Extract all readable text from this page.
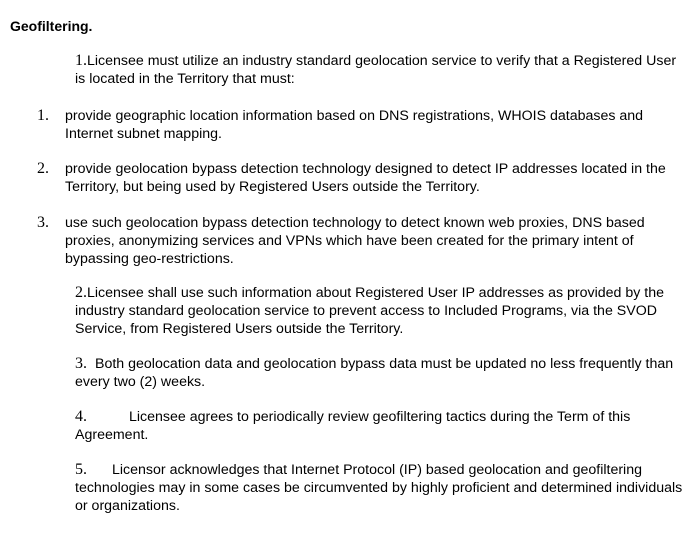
Geofiltering.
1.Licensee must utilize an industry standard geolocation service to verify that a Registered User is located in the Territory that must:
1. provide geographic location information based on DNS registrations, WHOIS databases and Internet subnet mapping.
2. provide geolocation bypass detection technology designed to detect IP addresses located in the Territory, but being used by Registered Users outside the Territory.
3. use such geolocation bypass detection technology to detect known web proxies, DNS based proxies, anonymizing services and VPNs which have been created for the primary intent of bypassing geo-restrictions.
2.Licensee shall use such information about Registered User IP addresses as provided by the industry standard geolocation service to prevent access to Included Programs, via the SVOD Service, from Registered Users outside the Territory.
3. Both geolocation data and geolocation bypass data must be updated no less frequently than every two (2) weeks.
4.	Licensee agrees to periodically review geofiltering tactics during the Term of this Agreement.
5. Licensor acknowledges that Internet Protocol (IP) based geolocation and geofiltering technologies may in some cases be circumvented by highly proficient and determined individuals or organizations.
